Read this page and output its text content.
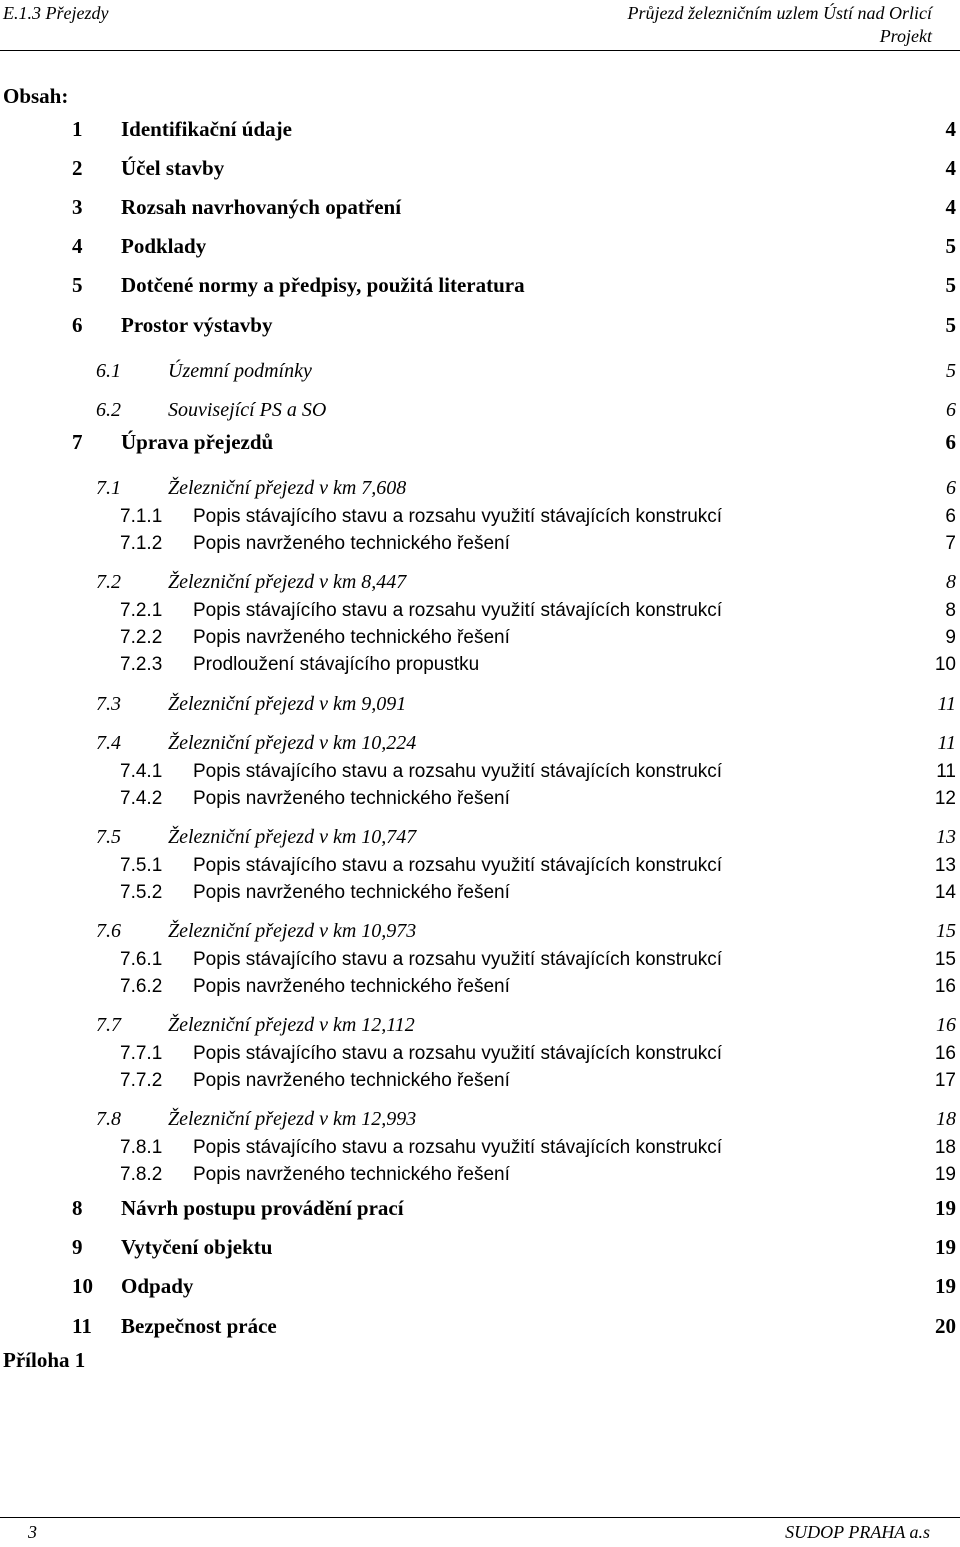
E.1.3 Přejezdy	Průjezd železničním uzlem Ústí nad Orlicí
Projekt
Obsah:
1 Identifikační údaje	4
2 Účel stavby	4
3 Rozsah navrhovaných opatření	4
4 Podklady	5
5 Dotčené normy a předpisy, použitá literatura	5
6 Prostor výstavby	5
6.1 Územní podmínky	5
6.2 Související PS a SO	6
7 Úprava přejezdů	6
7.1 Železniční přejezd v km 7,608	6
7.1.1 Popis stávajícího stavu a rozsahu využití stávajících konstrukcí	6
7.1.2 Popis navrženého technického řešení	7
7.2 Železniční přejezd v km 8,447	8
7.2.1 Popis stávajícího stavu a rozsahu využití stávajících konstrukcí	8
7.2.2 Popis navrženého technického řešení	9
7.2.3 Prodloužení stávajícího propustku	10
7.3 Železniční přejezd v km 9,091	11
7.4 Železniční přejezd v km 10,224	11
7.4.1 Popis stávajícího stavu a rozsahu využití stávajících konstrukcí	11
7.4.2 Popis navrženého technického řešení	12
7.5 Železniční přejezd v km 10,747	13
7.5.1 Popis stávajícího stavu a rozsahu využití stávajících konstrukcí	13
7.5.2 Popis navrženého technického řešení	14
7.6 Železniční přejezd v km 10,973	15
7.6.1 Popis stávajícího stavu a rozsahu využití stávajících konstrukcí	15
7.6.2 Popis navrženého technického řešení	16
7.7 Železniční přejezd v km 12,112	16
7.7.1 Popis stávajícího stavu a rozsahu využití stávajících konstrukcí	16
7.7.2 Popis navrženého technického řešení	17
7.8 Železniční přejezd v km 12,993	18
7.8.1 Popis stávajícího stavu a rozsahu využití stávajících konstrukcí	18
7.8.2 Popis navrženého technického řešení	19
8 Návrh postupu provádění prací	19
9 Vytyčení objektu	19
10 Odpady	19
11 Bezpečnost práce	20
Příloha 1
3	SUDOP PRAHA a.s
